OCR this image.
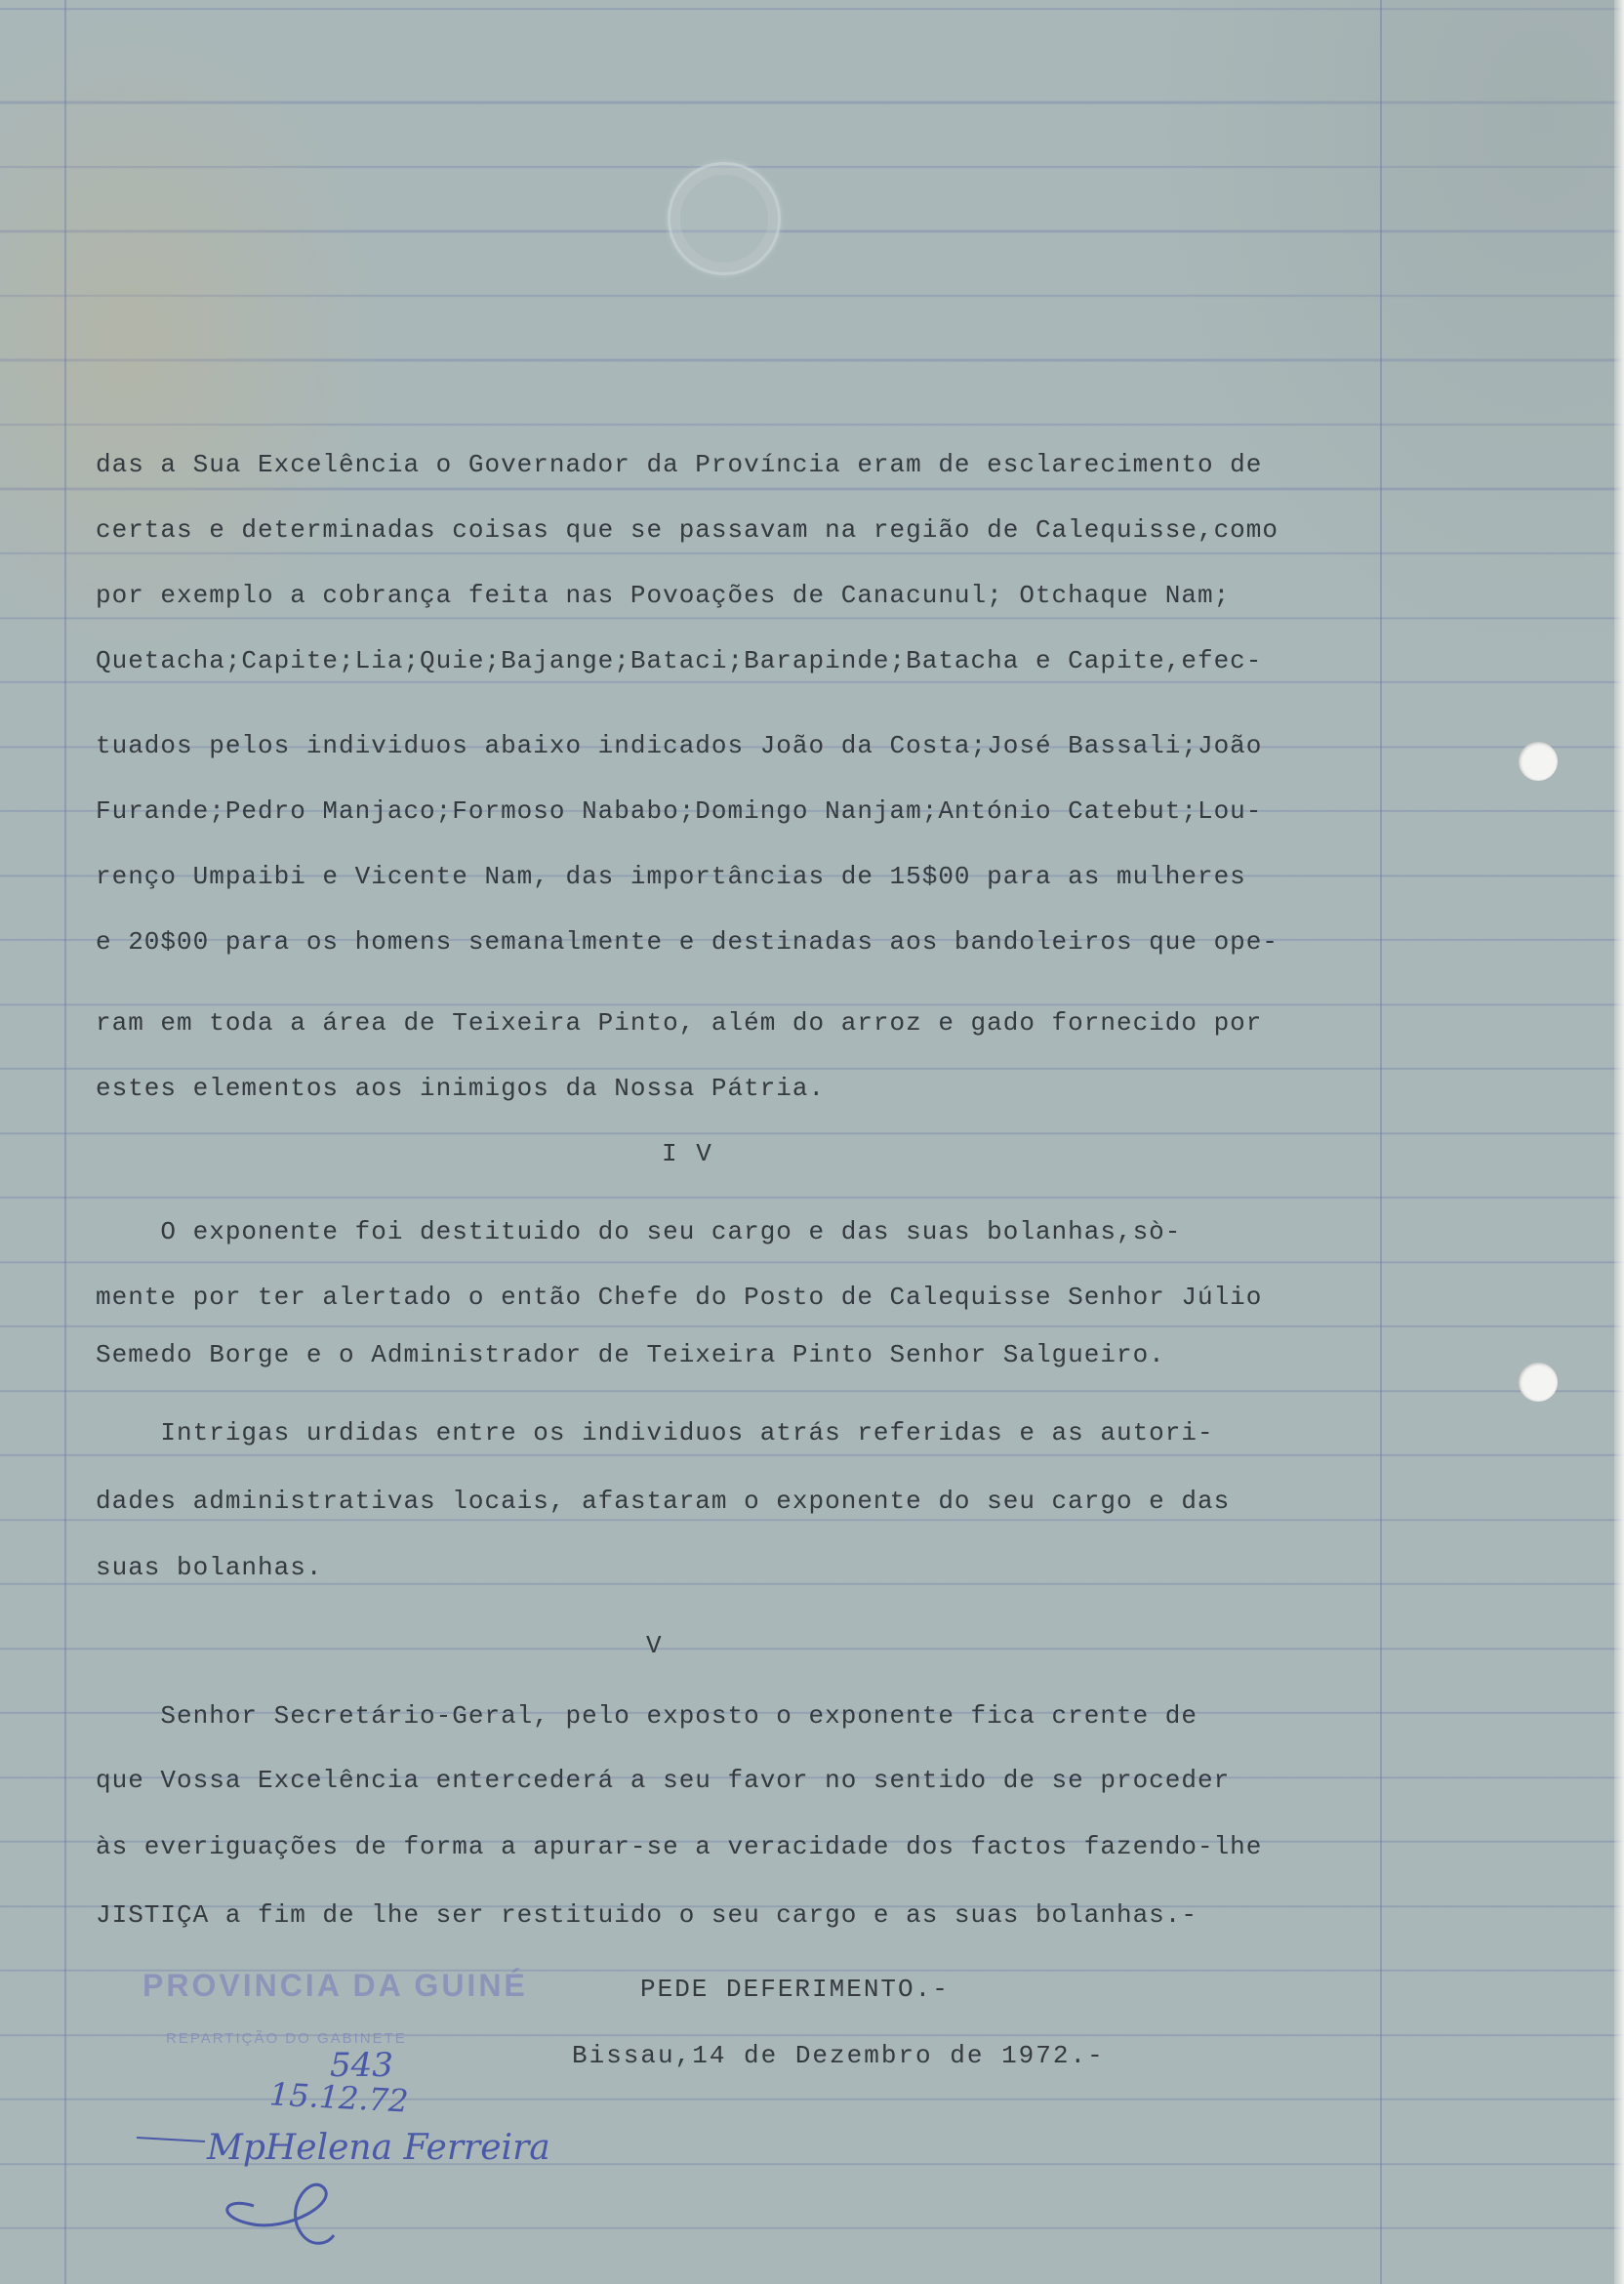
das a Sua Excelência o Governador da Província eram de esclarecimento de
certas e determinadas coisas que se passavam na região de Calequisse,como
por exemplo a cobrança feita nas Povoações de Canacunul; Otchaque Nam;
Quetacha;Capite;Lia;Quie;Bajange;Bataci;Barapinde;Batacha e Capite,efec-
tuados pelos individuos abaixo indicados João da Costa;José Bassali;João
Furande;Pedro Manjaco;Formoso Nababo;Domingo Nanjam;António Catebut;Lou-
renço Umpaibi e Vicente Nam, das importâncias de 15$00 para as mulheres
e 20$00 para os homens semanalmente e destinadas aos bandoleiros que ope-
ram em toda a área de Teixeira Pinto, além do arroz e gado fornecido por
estes elementos aos inimigos da Nossa Pátria.
I V
O exponente foi destituido do seu cargo e das suas bolanhas,sò-
mente por ter alertado o então Chefe do Posto de Calequisse Senhor Júlio
Semedo Borge e o Administrador de Teixeira Pinto Senhor Salgueiro.
Intrigas urdidas entre os individuos atrás referidas e as autori-
dades administrativas locais, afastaram o exponente do seu cargo e das
suas bolanhas.
V
Senhor Secretário-Geral, pelo exposto o exponente fica crente de
que Vossa Excelência entercederá a seu favor no sentido de se proceder
às everiguações de forma a apurar-se a veracidade dos factos fazendo-lhe
JISTIÇA a fim de lhe ser restituido o seu cargo e as suas bolanhas.-
PEDE DEFERIMENTO.-
Bissau,14 de Dezembro de 1972.-
PROVINCIA DA GUINÉ
REPARTIÇÃO DO GABINETE
543
15.12.72
MpHelena Ferreira
